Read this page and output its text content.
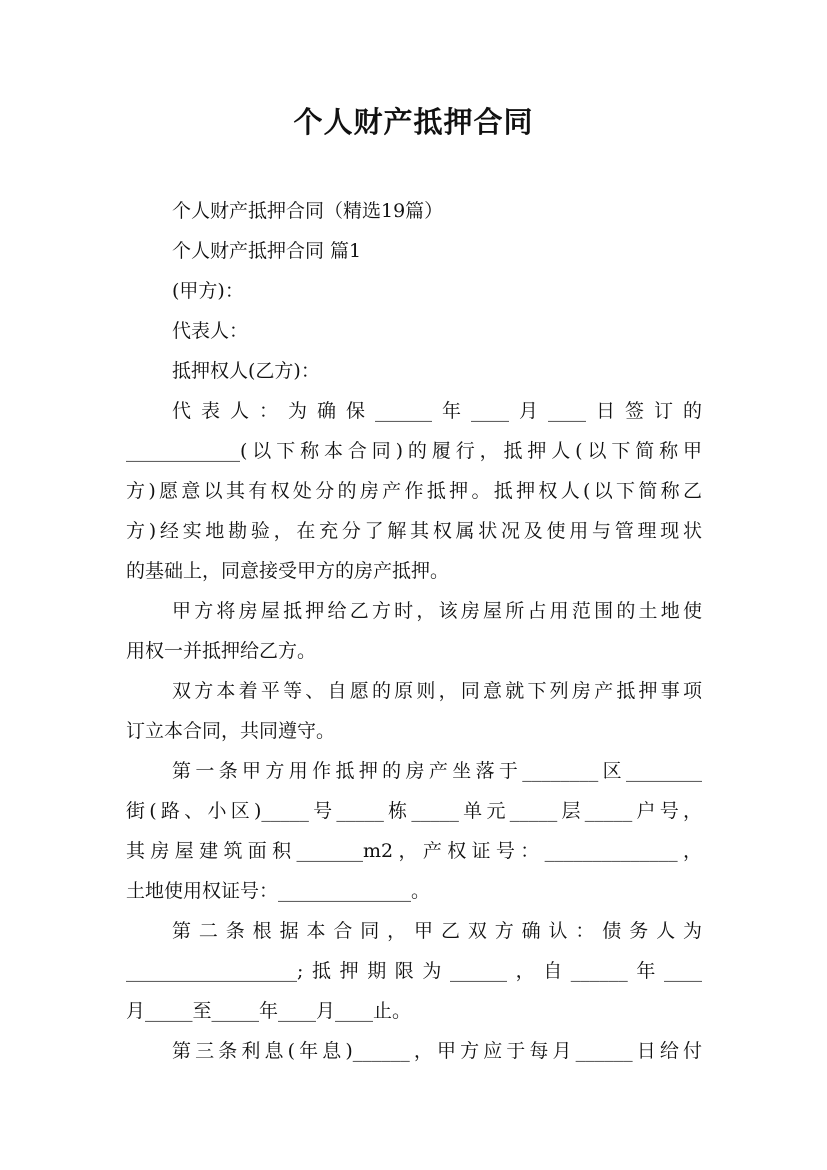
个人财产抵押合同
个人财产抵押合同（精选19篇）
个人财产抵押合同 篇1
(甲方)：
代表人：
抵押权人(乙方)：
代表人：为确保______年____月____日签订的
____________(以下称本合同)的履行，抵押人(以下简称甲
方)愿意以其有权处分的房产作抵押。抵押权人(以下简称乙
方)经实地勘验，在充分了解其权属状况及使用与管理现状
的基础上，同意接受甲方的房产抵押。
甲方将房屋抵押给乙方时，该房屋所占用范围的土地使
用权一并抵押给乙方。
双方本着平等、自愿的原则，同意就下列房产抵押事项
订立本合同，共同遵守。
第一条甲方用作抵押的房产坐落于________区________
街(路、小区)_____号_____栋_____单元_____层_____户号，
其房屋建筑面积_______m2，产权证号：______________，
土地使用权证号：______________。
第二条根据本合同，甲乙双方确认：债务人为
__________________;抵押期限为______，自______年____
月_____至_____年____月____止。
第三条利息(年息)______，甲方应于每月______日给付
